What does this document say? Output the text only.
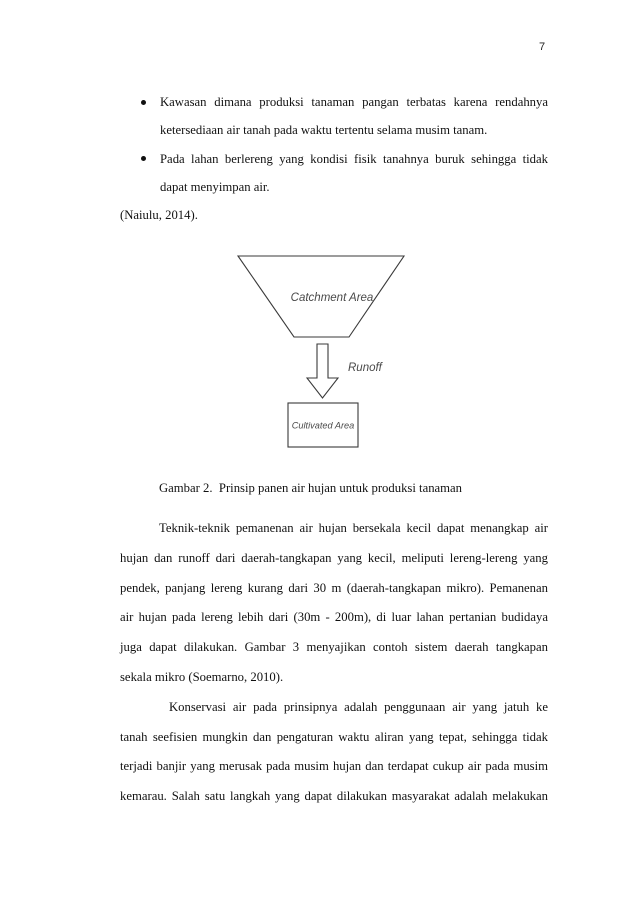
7
Kawasan dimana produksi tanaman pangan terbatas karena rendahnya
ketersediaan air tanah pada waktu tertentu selama musim tanam.
Pada lahan berlereng yang kondisi fisik tanahnya buruk sehingga tidak
dapat menyimpan air.
(Naiulu, 2014).
Catchment Area
Runoff
Cultivated Area
Gambar 2.  Prinsip panen air hujan untuk produksi tanaman
Teknik-teknik pemanenan air hujan bersekala kecil dapat menangkap air
hujan dan runoff dari daerah-tangkapan yang kecil, meliputi lereng-lereng yang
pendek, panjang lereng kurang dari 30 m (daerah-tangkapan mikro). Pemanenan
air hujan pada lereng lebih dari (30m - 200m), di luar lahan pertanian budidaya
juga dapat dilakukan. Gambar 3 menyajikan contoh sistem daerah tangkapan
sekala mikro (Soemarno, 2010).
Konservasi air pada prinsipnya adalah penggunaan air yang jatuh ke
tanah seefisien mungkin dan pengaturan waktu aliran yang tepat, sehingga tidak
terjadi banjir yang merusak pada musim hujan dan terdapat cukup air pada musim
kemarau. Salah satu langkah yang dapat dilakukan masyarakat adalah melakukan
